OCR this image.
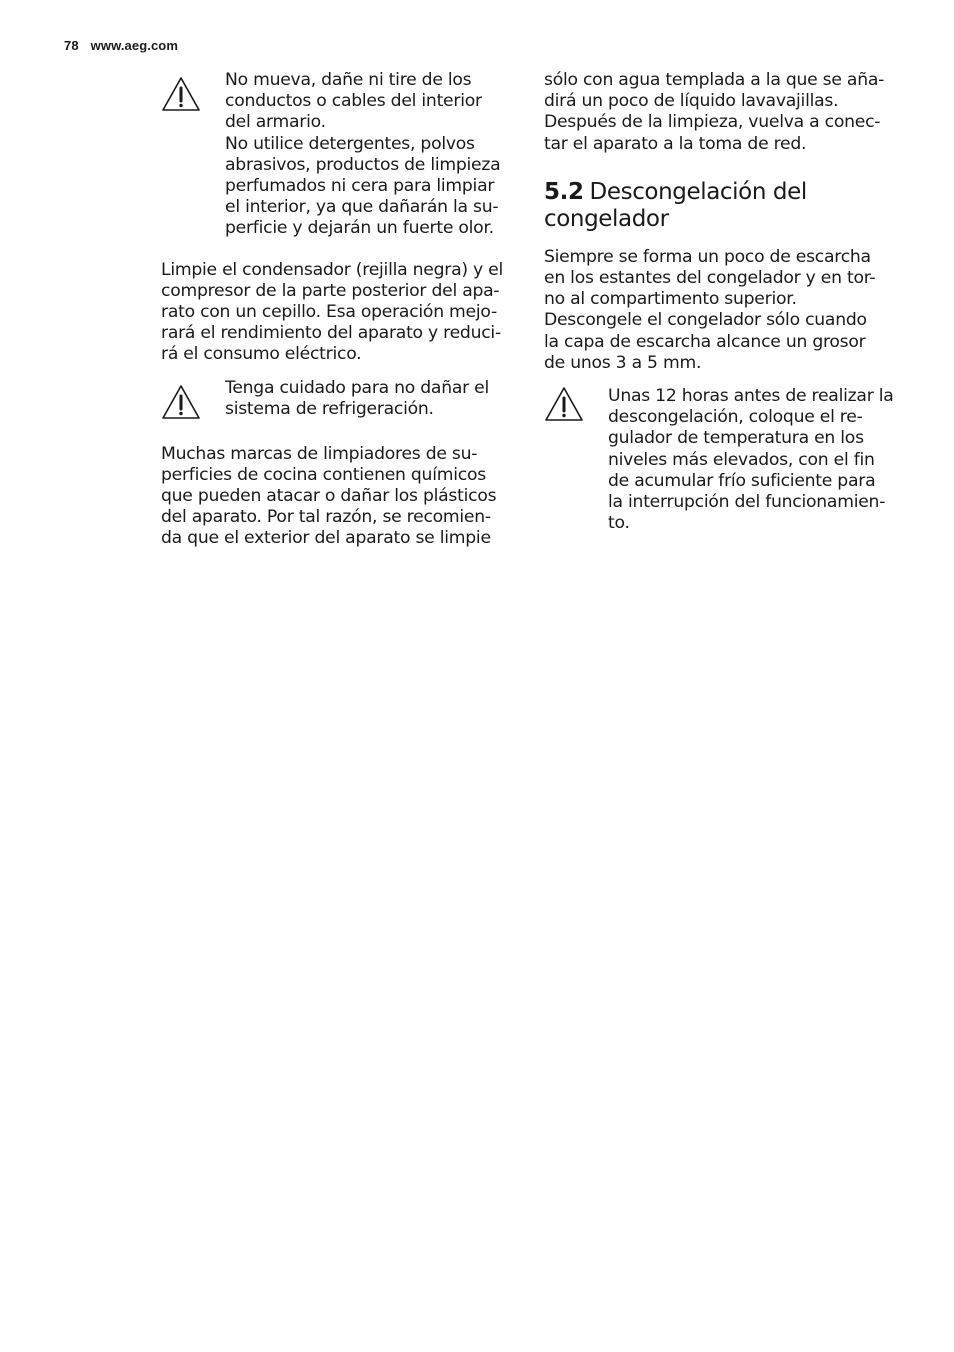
78 www.aeg.com

No mueva, dañe ni tire de los
conductos o cables del interior
del armario.
No utilice detergentes, polvos
abrasivos, productos de limpieza
perfumados ni cera para limpiar
el interior, ya que dañarán la su-
perficie y dejarán un fuerte olor.

Limpie el condensador (rejilla negra) y el
compresor de la parte posterior del apa-
rato con un cepillo. Esa operación mejo-
rará el rendimiento del aparato y reduci-
rá el consumo eléctrico.

Tenga cuidado para no dañar el
sistema de refrigeración.

Muchas marcas de limpiadores de su-
perficies de cocina contienen químicos
que pueden atacar o dañar los plásticos
del aparato. Por tal razón, se recomien-
da que el exterior del aparato se limpie

sólo con agua templada a la que se aña-
dirá un poco de líquido lavavajillas.
Después de la limpieza, vuelva a conec-
tar el aparato a la toma de red.

5.2 Descongelación del
congelador

Siempre se forma un poco de escarcha
en los estantes del congelador y en tor-
no al compartimento superior.
Descongele el congelador sólo cuando
la capa de escarcha alcance un grosor
de unos 3 a 5 mm.

Unas 12 horas antes de realizar la
descongelación, coloque el re-
gulador de temperatura en los
niveles más elevados, con el fin
de acumular frío suficiente para
la interrupción del funcionamien-
to.
